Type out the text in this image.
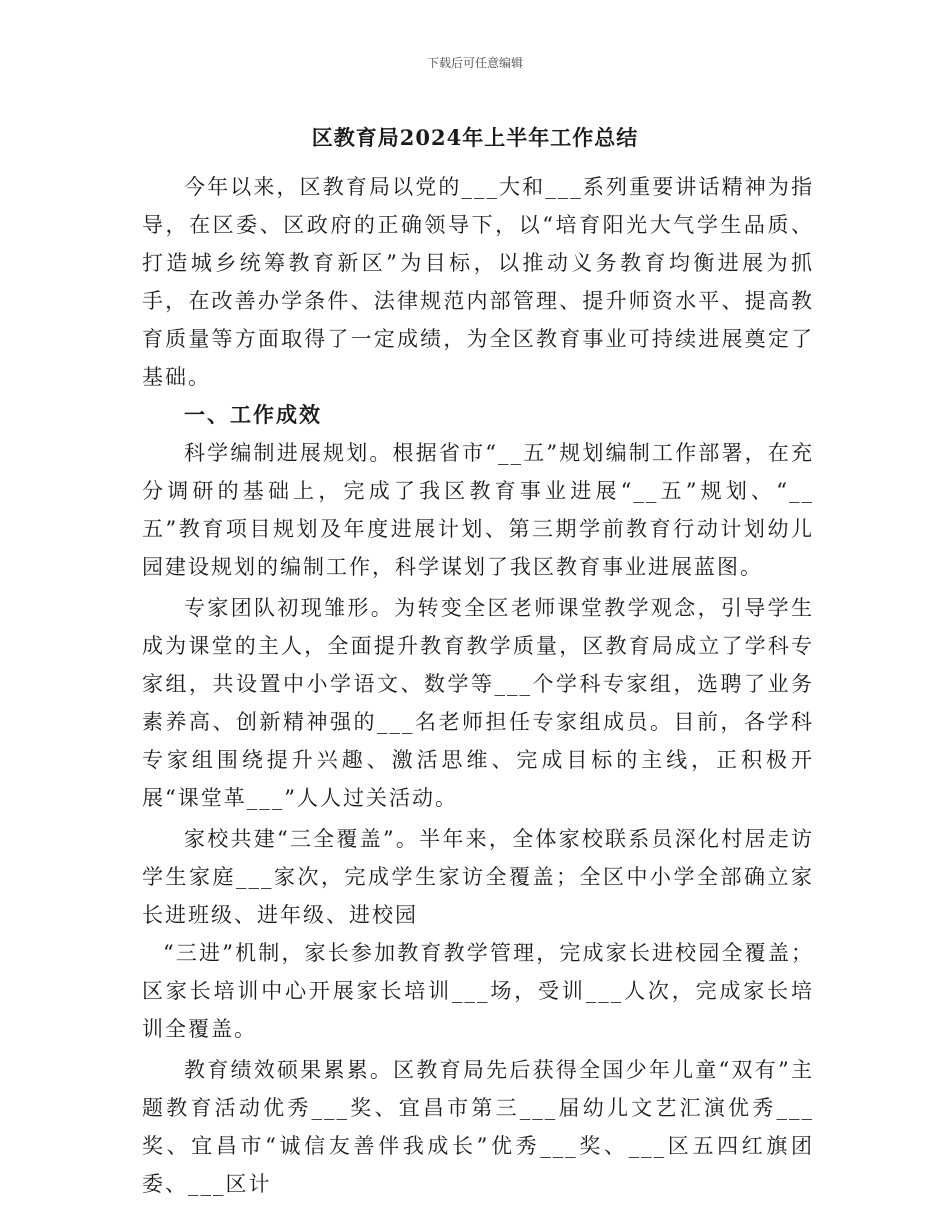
下载后可任意编辑
区教育局2024年上半年工作总结

今年以来，区教育局以党的___大和___系列重要讲话精神为指导，在区委、区政府的正确领导下，以“培育阳光大气学生品质、打造城乡统筹教育新区”为目标，以推动义务教育均衡进展为抓手，在改善办学条件、法律规范内部管理、提升师资水平、提高教育质量等方面取得了一定成绩，为全区教育事业可持续进展奠定了基础。

一、工作成效

科学编制进展规划。根据省市“__五”规划编制工作部署，在充分调研的基础上，完成了我区教育事业进展“__五”规划、“__五”教育项目规划及年度进展计划、第三期学前教育行动计划幼儿园建设规划的编制工作，科学谋划了我区教育事业进展蓝图。

专家团队初现雏形。为转变全区老师课堂教学观念，引导学生成为课堂的主人，全面提升教育教学质量，区教育局成立了学科专家组，共设置中小学语文、数学等___个学科专家组，选聘了业务素养高、创新精神强的___名老师担任专家组成员。目前，各学科专家组围绕提升兴趣、激活思维、完成目标的主线，正积极开展“课堂革___”人人过关活动。

家校共建“三全覆盖”。半年来，全体家校联系员深化村居走访学生家庭___家次，完成学生家访全覆盖；全区中小学全部确立家长进班级、进年级、进校园

“三进”机制，家长参加教育教学管理，完成家长进校园全覆盖；区家长培训中心开展家长培训___场，受训___人次，完成家长培训全覆盖。

教育绩效硕果累累。区教育局先后获得全国少年儿童“双有”主题教育活动优秀___奖、宜昌市第三___届幼儿文艺汇演优秀___奖、宜昌市“诚信友善伴我成长”优秀___奖、___区五四红旗团委、___区计
